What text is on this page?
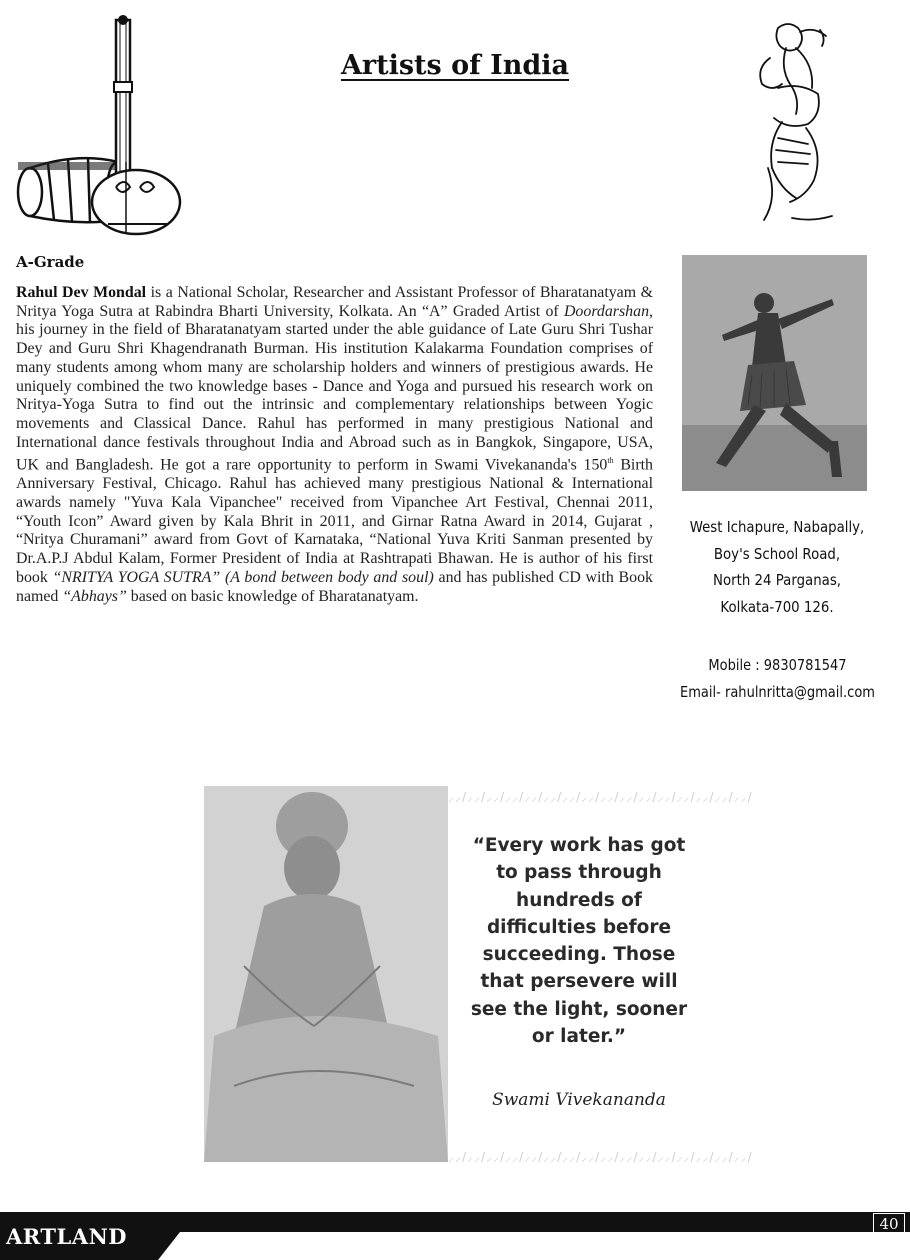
Artists of India
A-Grade
Rahul Dev Mondal is a National Scholar, Researcher and Assistant Professor of Bharatanatyam & Nritya Yoga Sutra at Rabindra Bharti University, Kolkata. An “A” Graded Artist of Doordarshan, his journey in the field of Bharatanatyam started under the able guidance of Late Guru Shri Tushar Dey and Guru Shri Khagendranath Burman. His institution Kalakarma Foundation comprises of many students among whom many are scholarship holders and winners of prestigious awards. He uniquely combined the two knowledge bases - Dance and Yoga and pursued his research work on Nritya-Yoga Sutra to find out the intrinsic and complementary relationships between Yogic movements and Classical Dance. Rahul has performed in many prestigious National and International dance festivals throughout India and Abroad such as in Bangkok, Singapore, USA, UK and Bangladesh. He got a rare opportunity to perform in Swami Vivekananda's 150th Birth Anniversary Festival, Chicago. Rahul has achieved many prestigious National & International awards namely "Yuva Kala Vipanchee" received from Vipanchee Art Festival, Chennai 2011, “Youth Icon” Award given by Kala Bhrit in 2011, and Girnar Ratna Award in 2014, Gujarat , “Nritya Churamani” award from Govt of Karnataka, “National Yuva Kriti Sanman presented by Dr.A.P.J Abdul Kalam, Former President of India at Rashtrapati Bhawan. He is author of his first book “NRITYA YOGA SUTRA” (A bond between body and soul) and has published CD with Book named “Abhays” based on basic knowledge of Bharatanatyam.
West Ichapure, Nabapally,
Boy's School Road,
North 24 Parganas,
Kolkata-700 126.
Mobile : 9830781547
Email- rahulnritta@gmail.com
⸝⸝/⸝⸝/⸝⸝/⸝⸝/⸝⸝/⸝⸝/⸝⸝/⸝⸝/⸝⸝/⸝⸝/⸝⸝/⸝⸝/⸝⸝/⸝⸝/⸝⸝/⸝⸝/
“Every work has got
to pass through
hundreds of
difficulties before
succeeding. Those
that persevere will
see the light, sooner
or later.”
Swami Vivekananda
⸝⸝/⸝⸝/⸝⸝/⸝⸝/⸝⸝/⸝⸝/⸝⸝/⸝⸝/⸝⸝/⸝⸝/⸝⸝/⸝⸝/⸝⸝/⸝⸝/⸝⸝/⸝⸝/
ARTLAND	40
